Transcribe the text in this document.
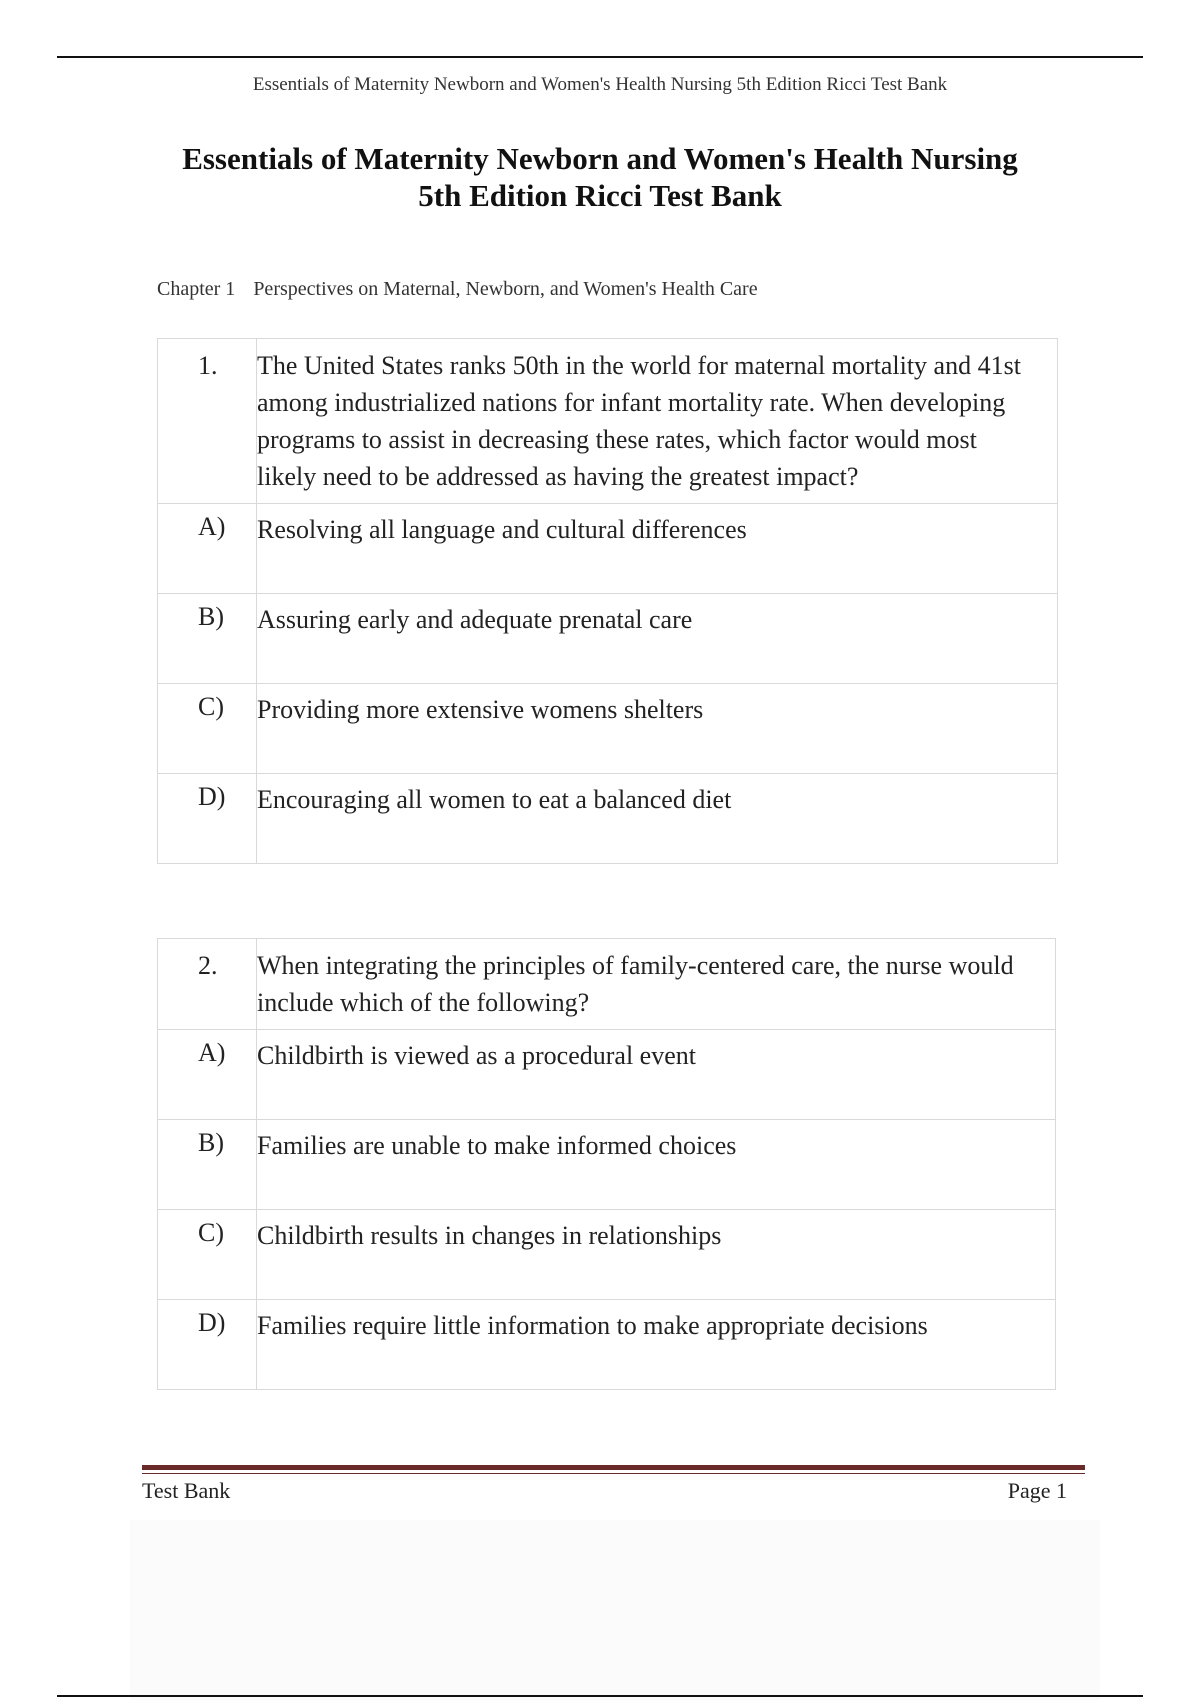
Essentials of Maternity Newborn and Women's Health Nursing 5th Edition Ricci Test Bank
Essentials of Maternity Newborn and Women's Health Nursing
5th Edition Ricci Test Bank
Chapter 1 Perspectives on Maternal, Newborn, and Women's Health Care
1.	The United States ranks 50th in the world for maternal mortality and 41st among industrialized nations for infant mortality rate. When developing programs to assist in decreasing these rates, which factor would most likely need to be addressed as having the greatest impact?
A)	Resolving all language and cultural differences
B)	Assuring early and adequate prenatal care
C)	Providing more extensive womens shelters
D)	Encouraging all women to eat a balanced diet
2.	When integrating the principles of family-centered care, the nurse would include which of the following?
A)	Childbirth is viewed as a procedural event
B)	Families are unable to make informed choices
C)	Childbirth results in changes in relationships
D)	Families require little information to make appropriate decisions
Test Bank	Page 1
